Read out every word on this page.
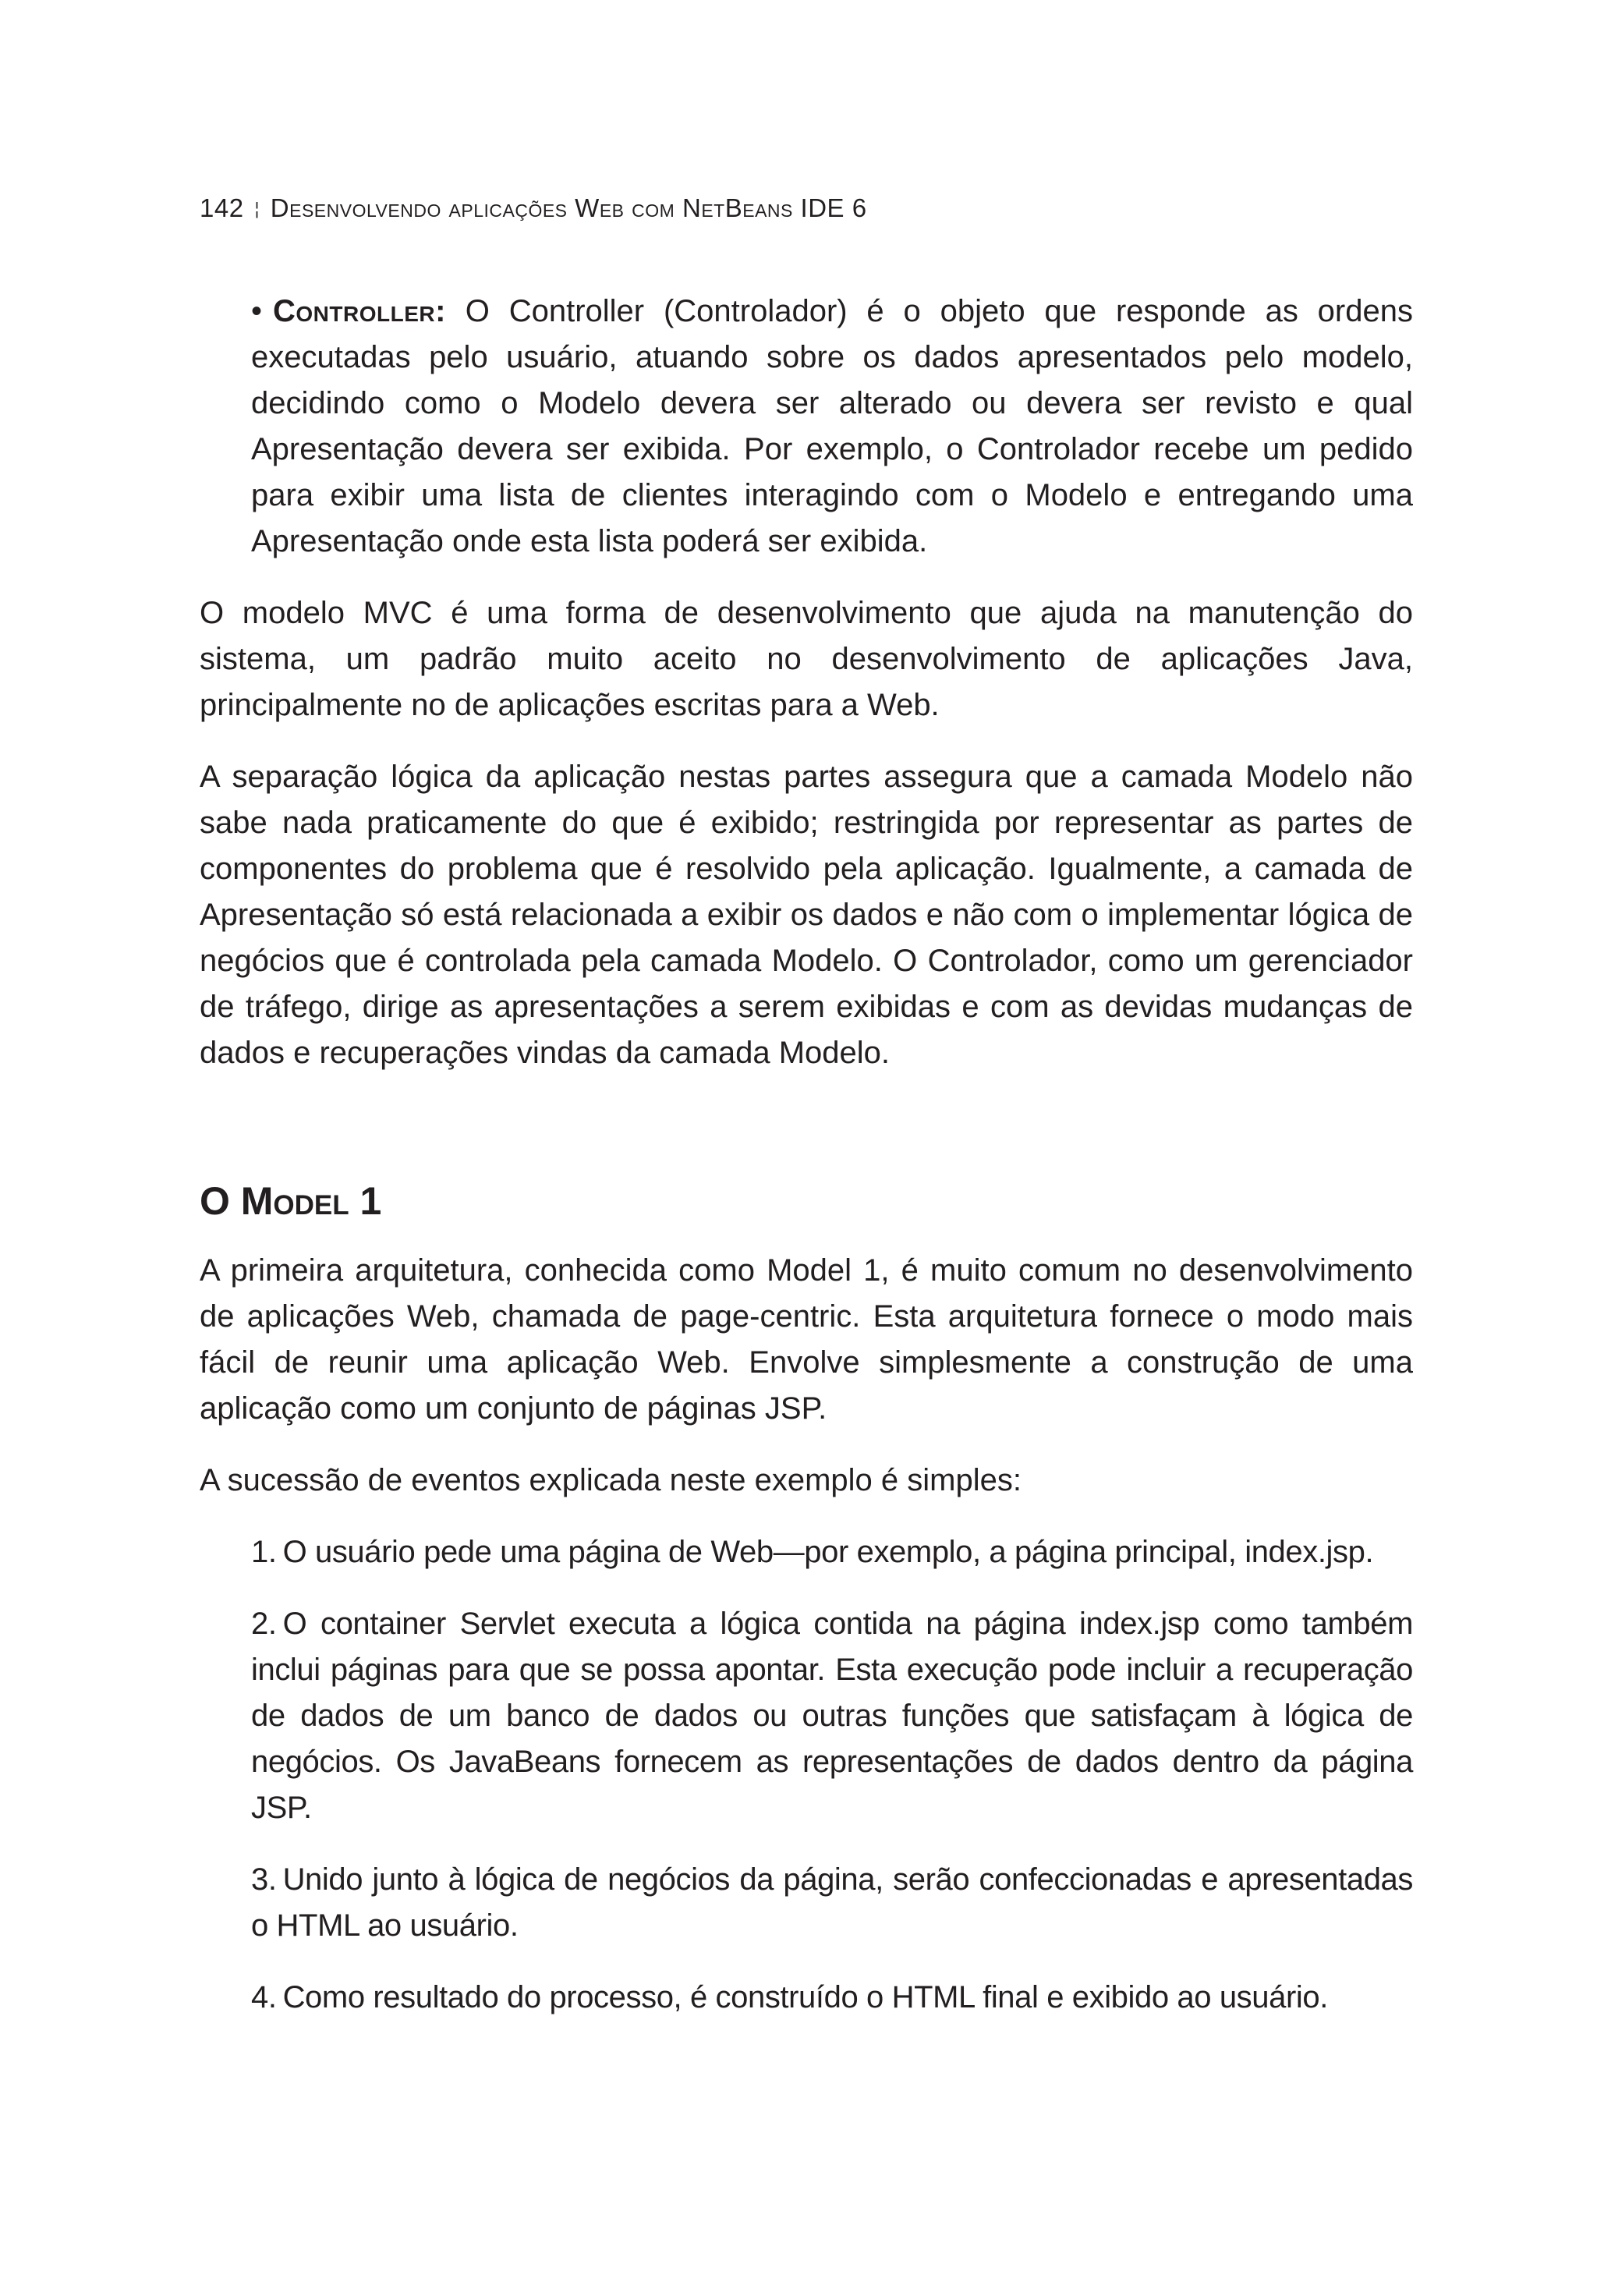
142 ¦ Desenvolvendo aplicações Web com NetBeans IDE 6

• Controller: O Controller (Controlador) é o objeto que responde as ordens executadas pelo usuário, atuando sobre os dados apresentados pelo modelo, decidindo como o Modelo devera ser alterado ou devera ser revisto e qual Apresentação devera ser exibida. Por exemplo, o Controlador recebe um pedido para exibir uma lista de clientes interagindo com o Modelo e entregando uma Apresentação onde esta lista poderá ser exibida.

O modelo MVC é uma forma de desenvolvimento que ajuda na manutenção do sistema, um padrão muito aceito no desenvolvimento de aplicações Java, principalmente no de aplicações escritas para a Web.

A separação lógica da aplicação nestas partes assegura que a camada Modelo não sabe nada praticamente do que é exibido; restringida por representar as partes de componentes do problema que é resolvido pela aplicação. Igualmente, a camada de Apresentação só está relacionada a exibir os dados e não com o implementar lógica de negócios que é controlada pela camada Modelo. O Controlador, como um gerenciador de tráfego, dirige as apresentações a serem exibidas e com as devidas mudanças de dados e recuperações vindas da camada Modelo.

O Model 1

A primeira arquitetura, conhecida como Model 1, é muito comum no desenvolvimento de aplicações Web, chamada de page-centric. Esta arquitetura fornece o modo mais fácil de reunir uma aplicação Web. Envolve simplesmente a construção de uma aplicação como um conjunto de páginas JSP.

A sucessão de eventos explicada neste exemplo é simples:

1. O usuário pede uma página de Web—por exemplo, a página principal, index.jsp.

2. O container Servlet executa a lógica contida na página index.jsp como também inclui páginas para que se possa apontar. Esta execução pode incluir a recuperação de dados de um banco de dados ou outras funções que satisfaçam à lógica de negócios. Os JavaBeans fornecem as representações de dados dentro da página JSP.

3. Unido junto à lógica de negócios da página, serão confeccionadas e apresentadas o HTML ao usuário.

4. Como resultado do processo, é construído o HTML final e exibido ao usuário.
